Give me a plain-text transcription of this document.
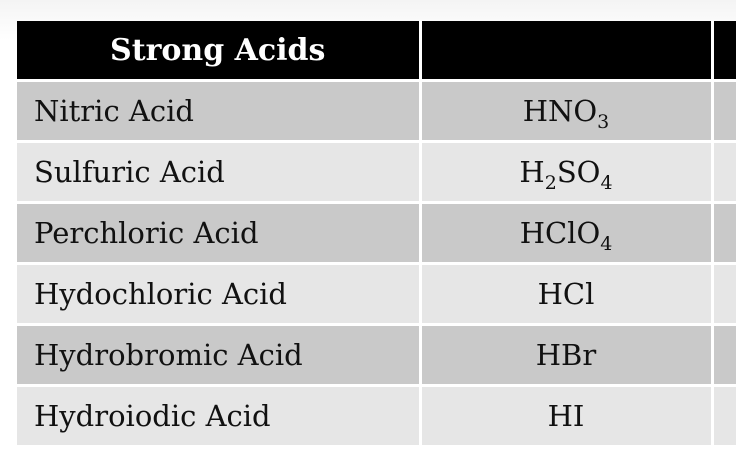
Strong Acids		
Nitric Acid	$HNO_3$	
Sulfuric Acid	$H_2SO_4$	
Perchloric Acid	HClO$_4$	
Hydochloric Acid	HCl	
Hydrobromic Acid	HBr	
Hydroiodic Acid	HI	
